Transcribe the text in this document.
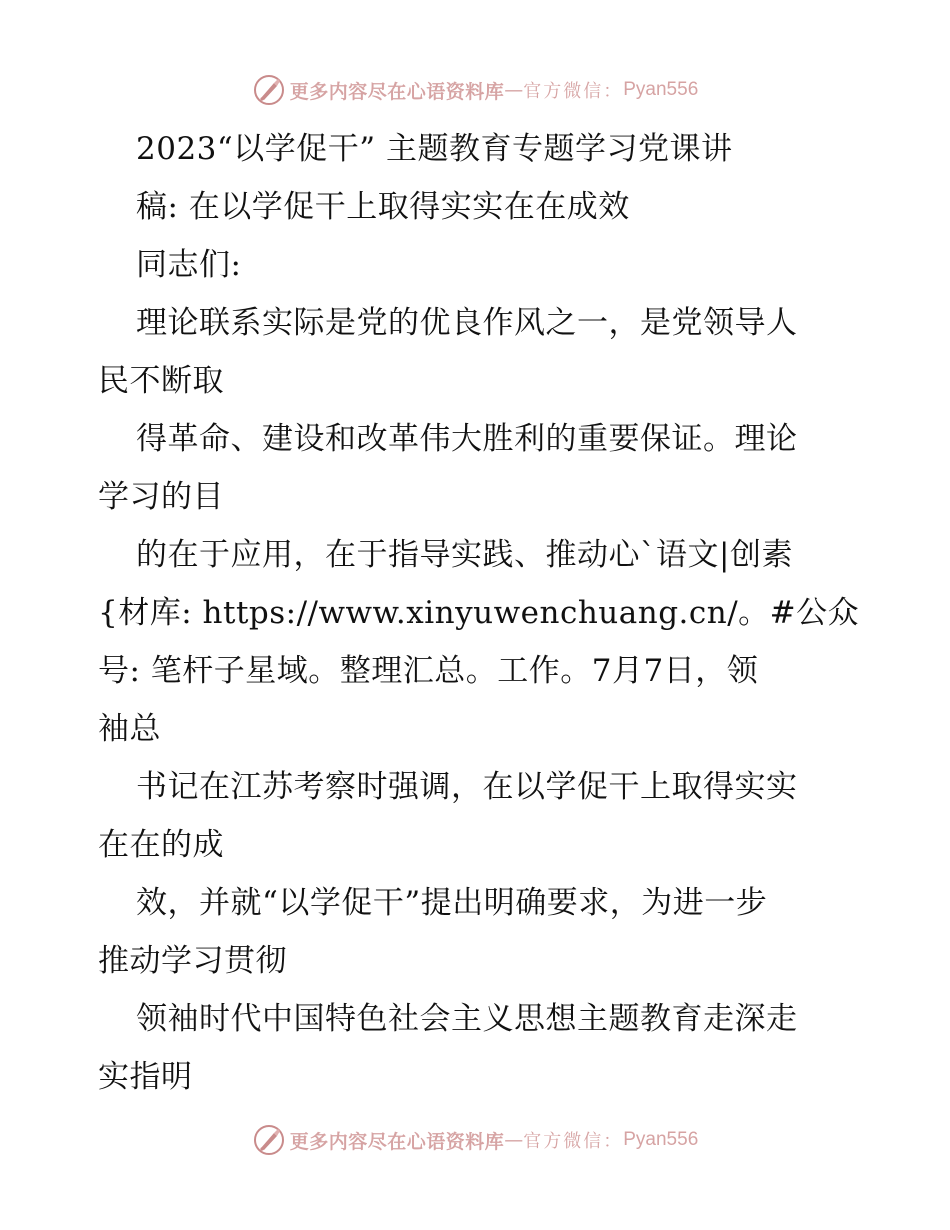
更多内容尽在心语资料库 — 官方微信： Pyan556
2023“以学促干” 主题教育专题学习党课讲
稿: 在以学促干上取得实实在在成效
同志们:
理论联系实际是党的优良作风之一，是党领导人
民不断取
得革命、建设和改革伟大胜利的重要保证。理论
学习的目
的在于应用，在于指导实践、推动心`语文|创素
{材库: https://www.xinyuwenchuang.cn/。#公众
号: 笔杆子星域。整理汇总。工作。7月7日，领
袖总
书记在江苏考察时强调，在以学促干上取得实实
在在的成
效，并就“以学促干”提出明确要求，为进一步
推动学习贯彻
领袖时代中国特色社会主义思想主题教育走深走
实指明
更多内容尽在心语资料库 — 官方微信： Pyan556
